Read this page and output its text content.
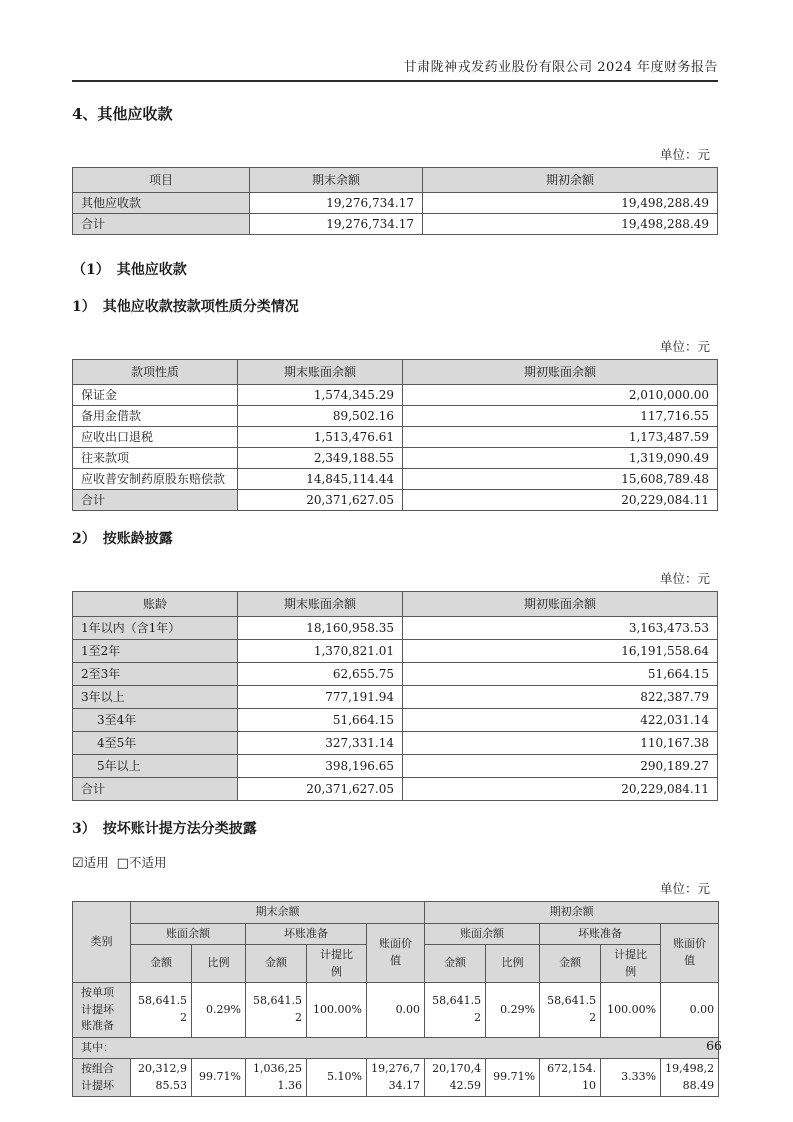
甘肃陇神戎发药业股份有限公司 2024 年度财务报告
4、其他应收款
单位：元
项目	期末余额	期初余额
其他应收款	19,276,734.17	19,498,288.49
合计	19,276,734.17	19,498,288.49
（1）　其他应收款
1）　其他应收款按款项性质分类情况
单位：元
款项性质	期末账面余额	期初账面余额
保证金	1,574,345.29	2,010,000.00
备用金借款	89,502.16	117,716.55
应收出口退税	1,513,476.61	1,173,487.59
往来款项	2,349,188.55	1,319,090.49
应收普安制药原股东赔偿款	14,845,114.44	15,608,789.48
合计	20,371,627.05	20,229,084.11
2）　按账龄披露
单位：元
账龄	期末账面余额	期初账面余额
1年以内（含1年）	18,160,958.35	3,163,473.53
1至2年	1,370,821.01	16,191,558.64
2至3年	62,655.75	51,664.15
3年以上	777,191.94	822,387.79
3至4年	51,664.15	422,031.14
4至5年	327,331.14	110,167.38
5年以上	398,196.65	290,189.27
合计	20,371,627.05	20,229,084.11
3）　按坏账计提方法分类披露
☑适用 □不适用
单位：元
类别	期末余额					期初余额				
	账面余额		坏账准备		账面价值	账面余额		坏账准备		账面价值
	金额	比例	金额	计提比例		金额	比例	金额	计提比例	
按单项计提坏账准备	58,641.52	0.29%	58,641.52	100.00%	0.00	58,641.52	0.29%	58,641.52	100.00%	0.00
其中：										
按组合计提坏	20,312,985.53	99.71%	1,036,251.36	5.10%	19,276,734.17	20,170,442.59	99.71%	672,154.10	3.33%	19,498,288.49
66
